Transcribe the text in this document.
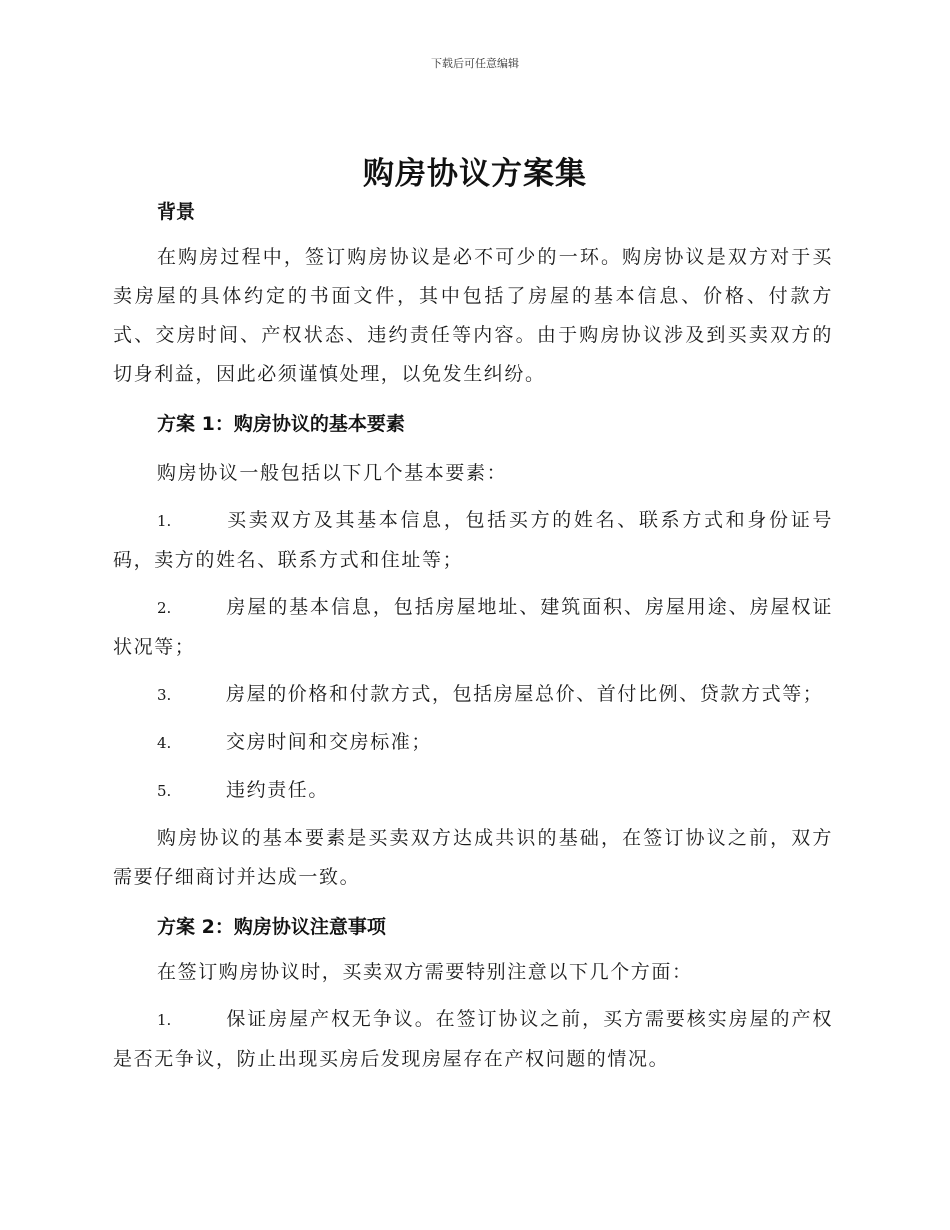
下载后可任意编辑
购房协议方案集

背景

在购房过程中，签订购房协议是必不可少的一环。购房协议是双方对于买卖房屋的具体约定的书面文件，其中包括了房屋的基本信息、价格、付款方式、交房时间、产权状态、违约责任等内容。由于购房协议涉及到买卖双方的切身利益，因此必须谨慎处理，以免发生纠纷。

方案 1：购房协议的基本要素

购房协议一般包括以下几个基本要素：

1.	买卖双方及其基本信息，包括买方的姓名、联系方式和身份证号码，卖方的姓名、联系方式和住址等；

2.	房屋的基本信息，包括房屋地址、建筑面积、房屋用途、房屋权证状况等；

3.	房屋的价格和付款方式，包括房屋总价、首付比例、贷款方式等；

4.	交房时间和交房标准；

5.	违约责任。

购房协议的基本要素是买卖双方达成共识的基础，在签订协议之前，双方需要仔细商讨并达成一致。

方案 2：购房协议注意事项

在签订购房协议时，买卖双方需要特别注意以下几个方面：

1.	保证房屋产权无争议。在签订协议之前，买方需要核实房屋的产权是否无争议，防止出现买房后发现房屋存在产权问题的情况。
